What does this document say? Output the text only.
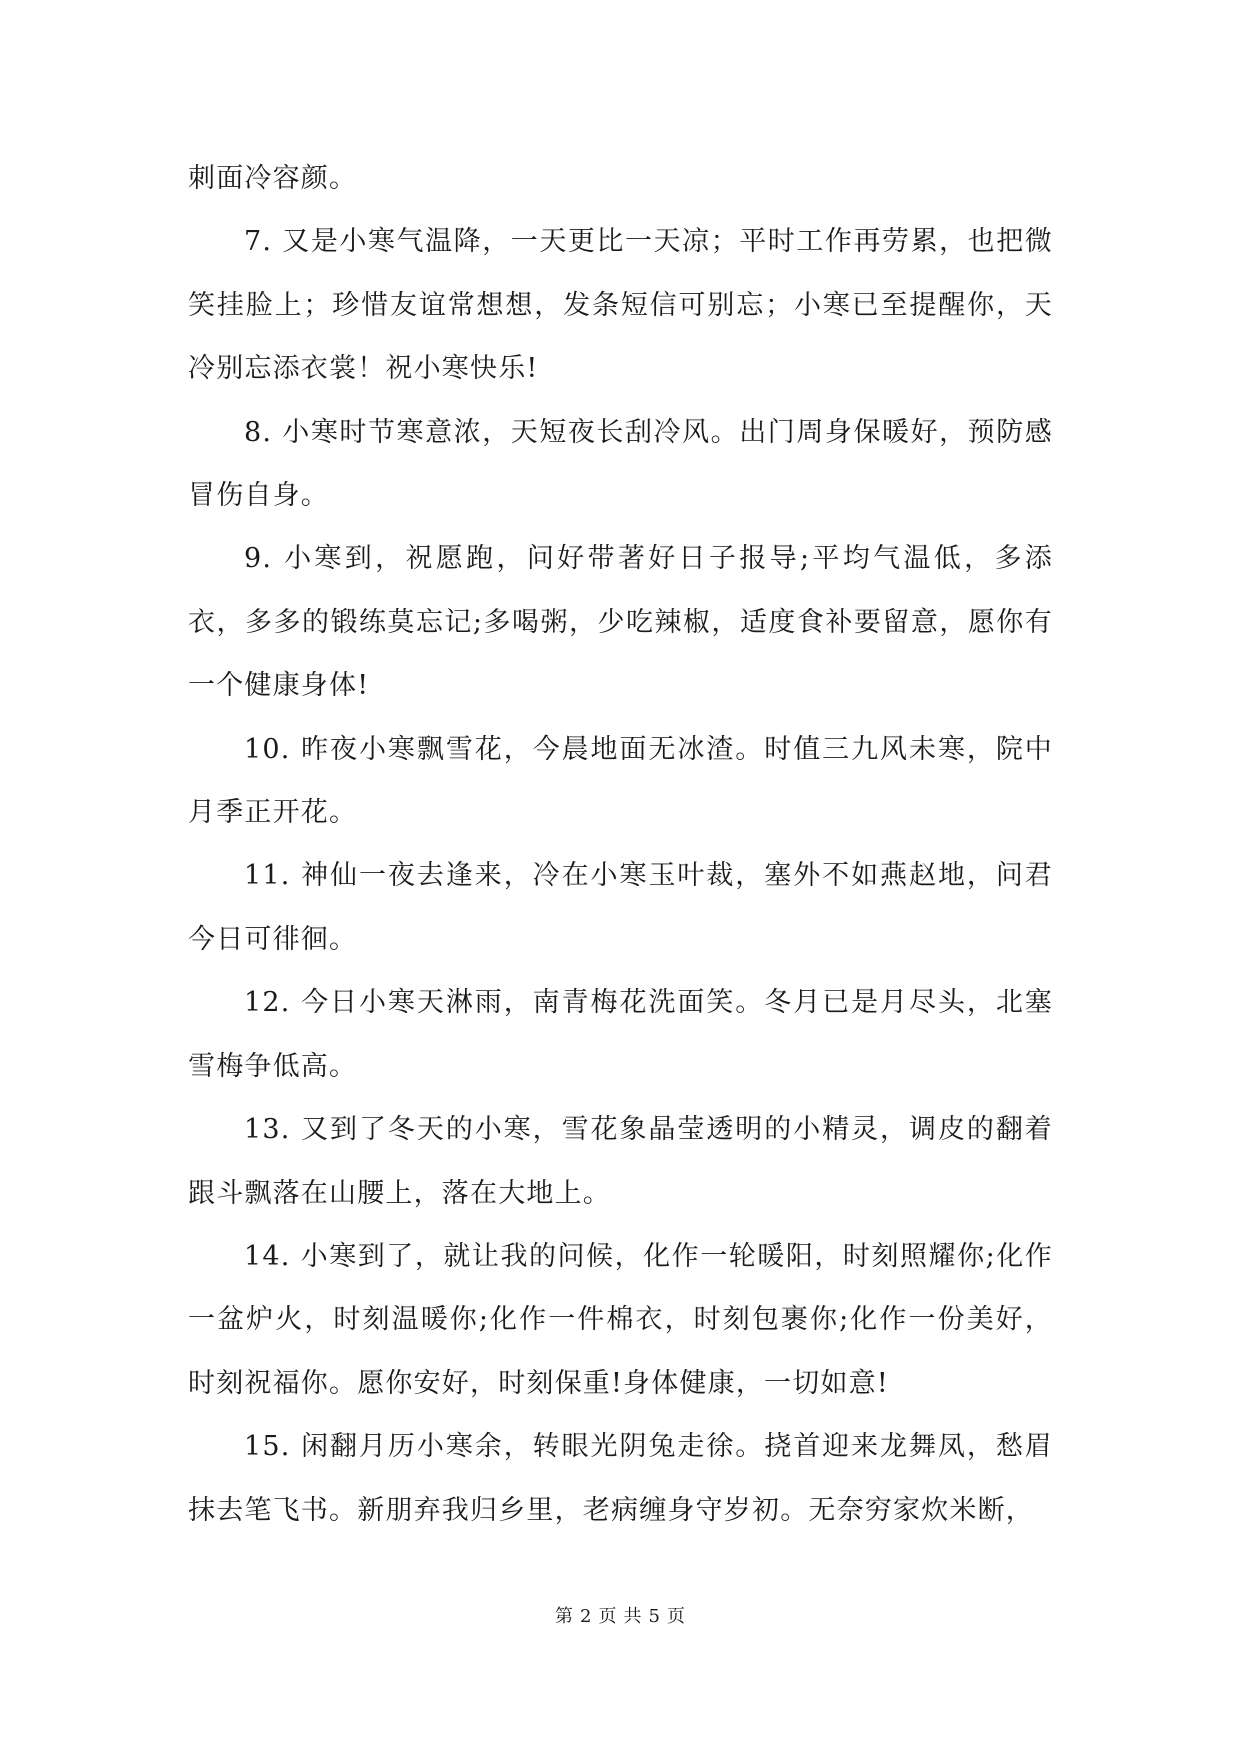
刺面冷容颜。

7. 又是小寒气温降，一天更比一天凉；平时工作再劳累，也把微笑挂脸上；珍惜友谊常想想，发条短信可别忘；小寒已至提醒你，天冷别忘添衣裳！祝小寒快乐!

8. 小寒时节寒意浓，天短夜长刮冷风。出门周身保暖好，预防感冒伤自身。

9. 小寒到，祝愿跑，问好带著好日子报导;平均气温低，多添衣，多多的锻练莫忘记;多喝粥，少吃辣椒，适度食补要留意，愿你有一个健康身体!

10. 昨夜小寒飘雪花，今晨地面无冰渣。时值三九风未寒，院中月季正开花。

11. 神仙一夜去逢来，冷在小寒玉叶裁，塞外不如燕赵地，问君今日可徘徊。

12. 今日小寒天淋雨，南青梅花洗面笑。冬月已是月尽头，北塞雪梅争低高。

13. 又到了冬天的小寒，雪花象晶莹透明的小精灵，调皮的翻着跟斗飘落在山腰上，落在大地上。

14. 小寒到了，就让我的问候，化作一轮暖阳，时刻照耀你;化作一盆炉火，时刻温暖你;化作一件棉衣，时刻包裹你;化作一份美好，时刻祝福你。愿你安好，时刻保重!身体健康，一切如意!

15. 闲翻月历小寒余，转眼光阴兔走徐。挠首迎来龙舞凤，愁眉抹去笔飞书。新朋弃我归乡里，老病缠身守岁初。无奈穷家炊米断，

第 2 页 共 5 页
